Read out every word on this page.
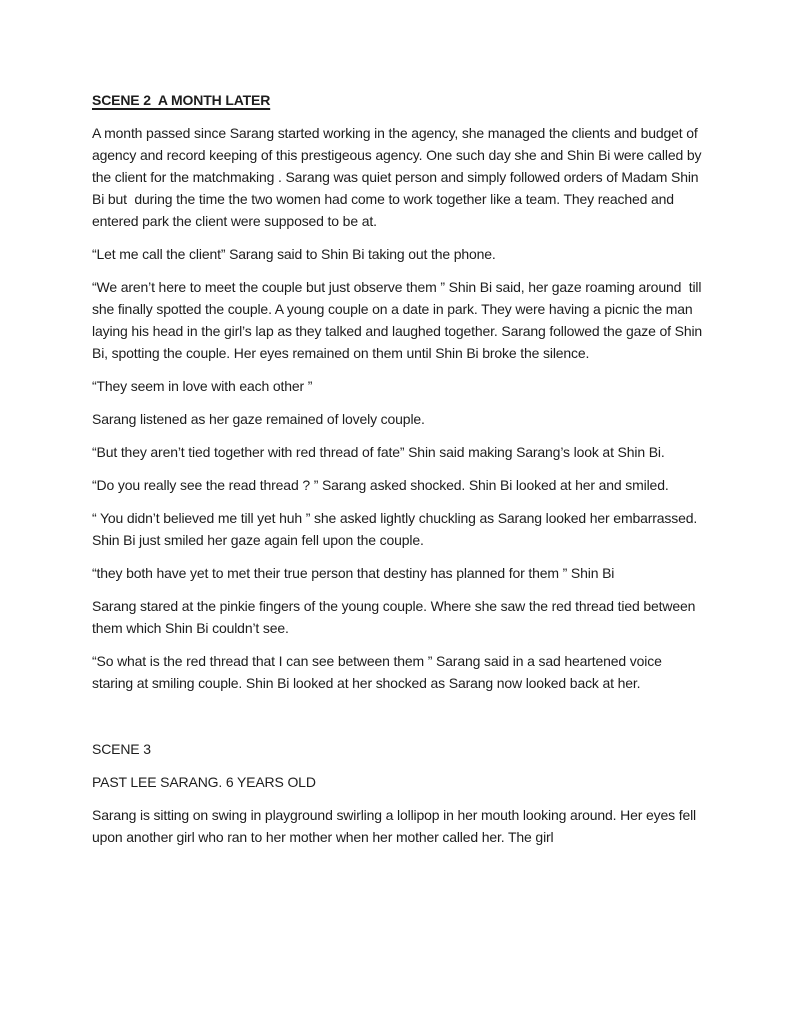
SCENE 2  A MONTH LATER

A month passed since Sarang started working in the agency, she managed the clients and budget of agency and record keeping of this prestigeous agency. One such day she and Shin Bi were called by the client for the matchmaking . Sarang was quiet person and simply followed orders of Madam Shin Bi but  during the time the two women had come to work together like a team. They reached and entered park the client were supposed to be at.

“Let me call the client” Sarang said to Shin Bi taking out the phone.

“We aren’t here to meet the couple but just observe them ” Shin Bi said, her gaze roaming around  till she finally spotted the couple. A young couple on a date in park. They were having a picnic the man laying his head in the girl’s lap as they talked and laughed together. Sarang followed the gaze of Shin Bi, spotting the couple. Her eyes remained on them until Shin Bi broke the silence.

“They seem in love with each other ”

Sarang listened as her gaze remained of lovely couple.

“But they aren’t tied together with red thread of fate” Shin said making Sarang’s look at Shin Bi.

“Do you really see the read thread ? ” Sarang asked shocked. Shin Bi looked at her and smiled.

“ You didn’t believed me till yet huh ” she asked lightly chuckling as Sarang looked her embarrassed. Shin Bi just smiled her gaze again fell upon the couple.

“they both have yet to met their true person that destiny has planned for them ” Shin Bi

Sarang stared at the pinkie fingers of the young couple. Where she saw the red thread tied between them which Shin Bi couldn’t see.

“So what is the red thread that I can see between them ” Sarang said in a sad heartened voice  staring at smiling couple. Shin Bi looked at her shocked as Sarang now looked back at her.

SCENE 3

PAST LEE SARANG. 6 YEARS OLD

Sarang is sitting on swing in playground swirling a lollipop in her mouth looking around. Her eyes fell upon another girl who ran to her mother when her mother called her. The girl
